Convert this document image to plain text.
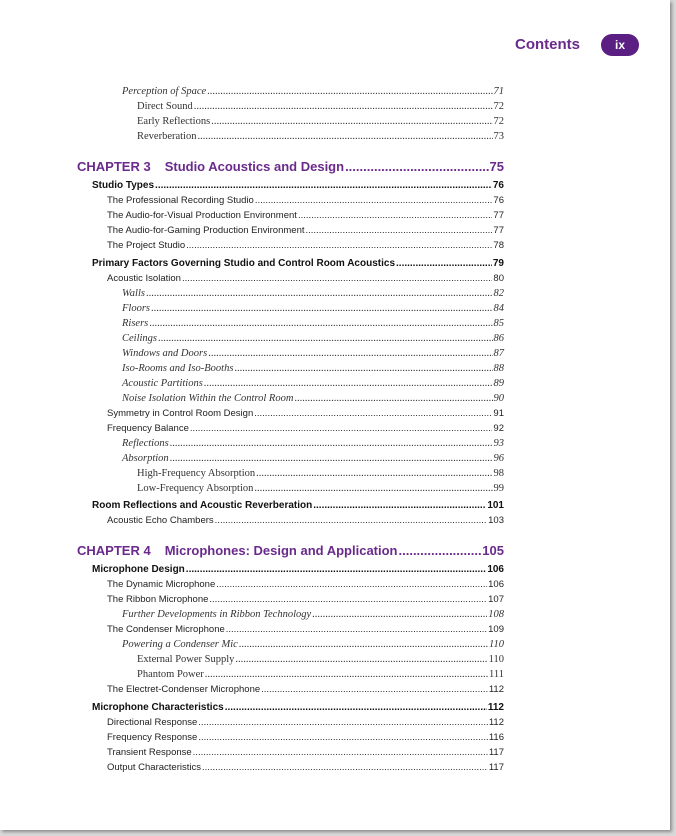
Contents	ix
Perception of Space .....	71
Direct Sound .....	72
Early Reflections .....	72
Reverberation .....	73
CHAPTER 3 Studio Acoustics and Design .....	75
Studio Types .....	76
The Professional Recording Studio .....	76
The Audio-for-Visual Production Environment .....	77
The Audio-for-Gaming Production Environment .....	77
The Project Studio .....	78
Primary Factors Governing Studio and Control Room Acoustics .....	79
Acoustic Isolation .....	80
Walls .....	82
Floors .....	84
Risers .....	85
Ceilings .....	86
Windows and Doors .....	87
Iso-Rooms and Iso-Booths .....	88
Acoustic Partitions .....	89
Noise Isolation Within the Control Room .....	90
Symmetry in Control Room Design .....	91
Frequency Balance .....	92
Reflections .....	93
Absorption .....	96
High-Frequency Absorption .....	98
Low-Frequency Absorption .....	99
Room Reflections and Acoustic Reverberation .....	101
Acoustic Echo Chambers .....	103
CHAPTER 4 Microphones: Design and Application .....	105
Microphone Design .....	106
The Dynamic Microphone .....	106
The Ribbon Microphone .....	107
Further Developments in Ribbon Technology .....	108
The Condenser Microphone .....	109
Powering a Condenser Mic .....	110
External Power Supply .....	110
Phantom Power .....	111
The Electret-Condenser Microphone .....	112
Microphone Characteristics .....	112
Directional Response .....	112
Frequency Response .....	116
Transient Response .....	117
Output Characteristics .....	117
